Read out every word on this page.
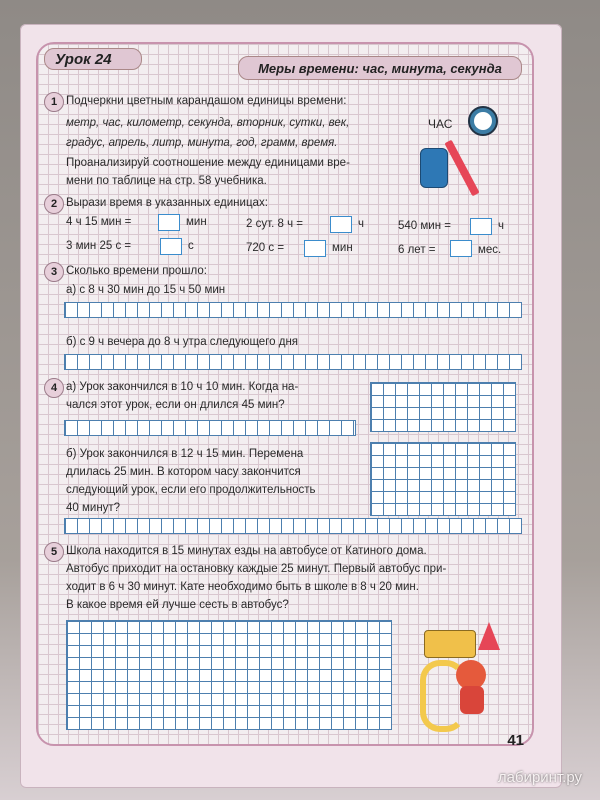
Урок 24
Меры времени: час, минута, секунда
1 Подчеркни цветным карандашом единицы времени:
метр, час, километр, секунда, вторник, сутки, век,
градус, апрель, литр, минута, год, грамм, время.
Проанализируй соотношение между единицами вре-
мени по таблице на стр. 58 учебника.
ЧАС
2 Вырази время в указанных единицах:
4 ч 15 мин =	мин	2 сут. 8 ч =	ч	540 мин =	ч
3 мин 25 с =	с	720 с =	мин	6 лет =	мес.
3 Сколько времени прошло:
а) с 8 ч 30 мин до 15 ч 50 мин
б) с 9 ч вечера до 8 ч утра следующего дня
4 а) Урок закончился в 10 ч 10 мин. Когда на-
чался этот урок, если он длился 45 мин?
б) Урок закончился в 12 ч 15 мин. Перемена
длилась 25 мин. В котором часу закончится
следующий урок, если его продолжительность
40 минут?
5 Школа находится в 15 минутах езды на автобусе от Катиного дома.
Автобус приходит на остановку каждые 25 минут. Первый автобус при-
ходит в 6 ч 30 минут. Кате необходимо быть в школе в 8 ч 20 мин.
В какое время ей лучше сесть в автобус?
41
лабиринт.ру
